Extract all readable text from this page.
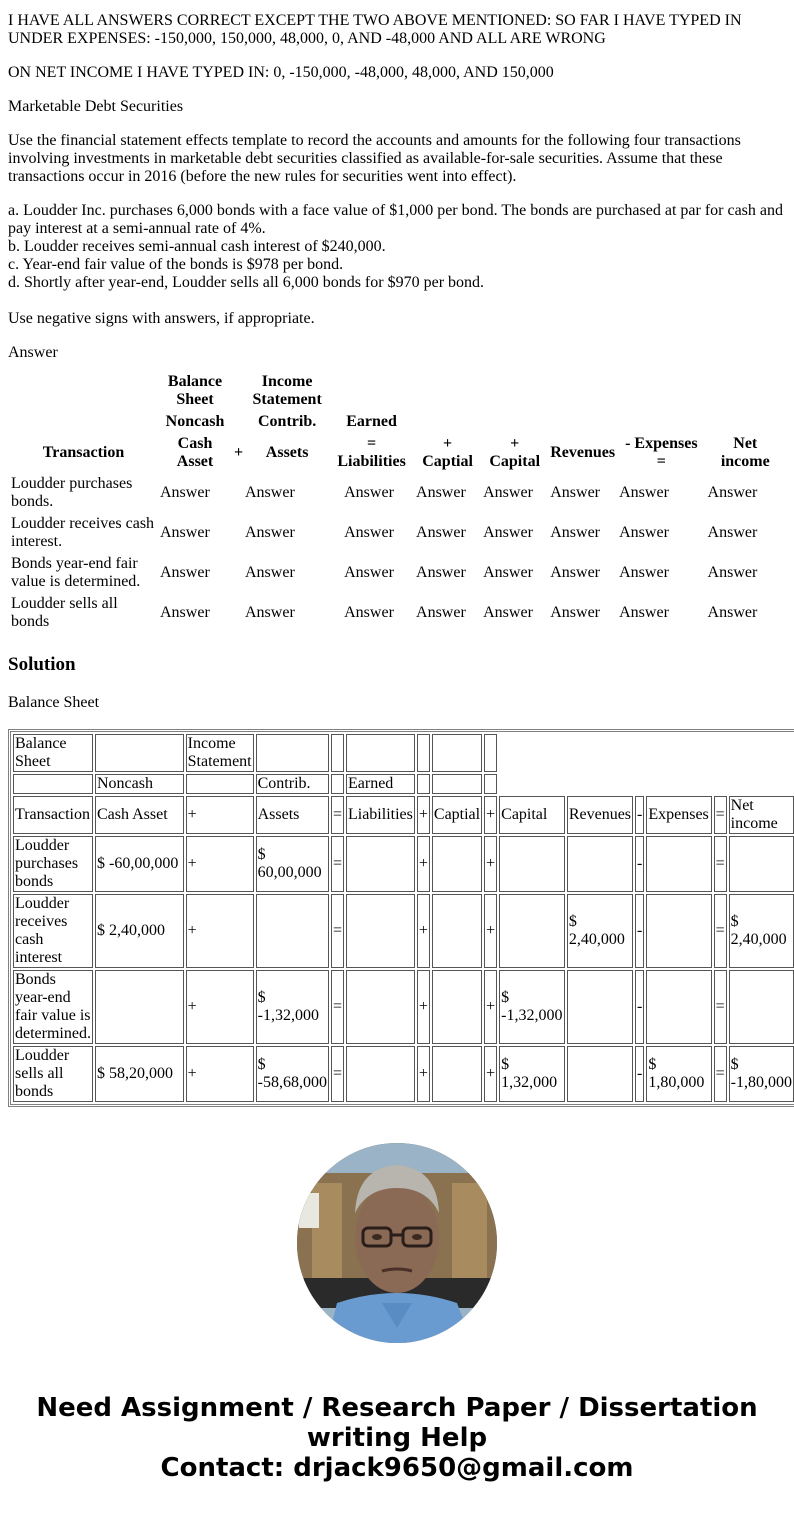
I HAVE ALL ANSWERS CORRECT EXCEPT THE TWO ABOVE MENTIONED: SO FAR I HAVE TYPED IN UNDER EXPENSES: -150,000, 150,000, 48,000, 0, AND -48,000 AND ALL ARE WRONG

ON NET INCOME I HAVE TYPED IN: 0, -150,000, -48,000, 48,000, AND 150,000

Marketable Debt Securities

Use the financial statement effects template to record the accounts and amounts for the following four transactions involving investments in marketable debt securities classified as available-for-sale securities. Assume that these transactions occur in 2016 (before the new rules for securities went into effect).

a. Loudder Inc. purchases 6,000 bonds with a face value of $1,000 per bond. The bonds are purchased at par for cash and pay interest at a semi-annual rate of 4%.
b. Loudder receives semi-annual cash interest of $240,000.
c. Year-end fair value of the bonds is $978 per bond.
d. Shortly after year-end, Loudder sells all 6,000 bonds for $970 per bond.

Use negative signs with answers, if appropriate.

Answer

	Balance Sheet		Income Statement						
	Noncash		Contrib.	Earned					
Transaction	Cash Asset	+	Assets	= Liabilities	+ Captial	+ Capital	Revenues	- Expenses =	Net income
Loudder purchases bonds.	Answer	Answer		Answer	Answer	Answer	Answer	Answer	Answer
Loudder receives cash interest.	Answer	Answer		Answer	Answer	Answer	Answer	Answer	Answer
Bonds year-end fair value is determined.	Answer	Answer		Answer	Answer	Answer	Answer	Answer	Answer
Loudder sells all bonds	Answer	Answer		Answer	Answer	Answer	Answer	Answer	Answer
Solution

Balance Sheet

Balance Sheet		Income Statement												
	Noncash		Contrib.		Earned									
Transaction	Cash Asset	+	Assets	=	Liabilities	+	Captial	+	Capital	Revenues	-	Expenses	=	Net income
Loudder purchases bonds	$ -60,00,000	+	$ 60,00,000	=		+		+			-		=	
Loudder receives cash interest	$ 2,40,000	+		=		+		+		$ 2,40,000	-		=	$ 2,40,000
Bonds year-end fair value is determined.		+	$ -1,32,000	=		+		+	$ -1,32,000		-		=	
Loudder sells all bonds	$ 58,20,000	+	$ -58,68,000	=		+		+	$ 1,32,000		-	$ 1,80,000	=	$ -1,80,000
Need Assignment / Research Paper / Dissertation
writing Help
Contact: drjack9650@gmail.com
